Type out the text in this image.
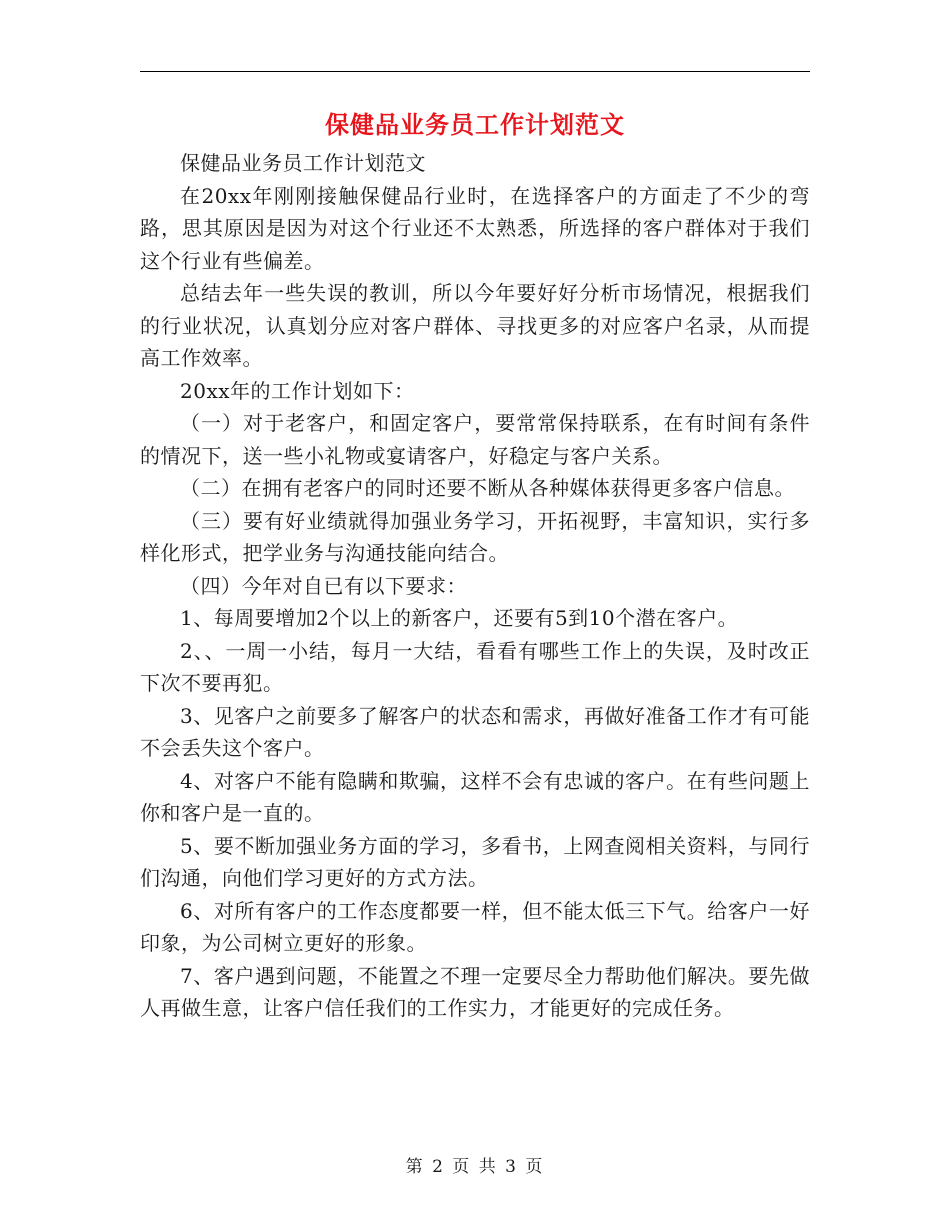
保健品业务员工作计划范文

保健品业务员工作计划范文

在20xx年刚刚接触保健品行业时，在选择客户的方面走了不少的弯路，思其原因是因为对这个行业还不太熟悉，所选择的客户群体对于我们这个行业有些偏差。

总结去年一些失误的教训，所以今年要好好分析市场情况，根据我们的行业状况，认真划分应对客户群体、寻找更多的对应客户名录，从而提高工作效率。

20xx年的工作计划如下：

（一）对于老客户，和固定客户，要常常保持联系，在有时间有条件的情况下，送一些小礼物或宴请客户，好稳定与客户关系。

（二）在拥有老客户的同时还要不断从各种媒体获得更多客户信息。

（三）要有好业绩就得加强业务学习，开拓视野，丰富知识，实行多样化形式，把学业务与沟通技能向结合。

（四）今年对自已有以下要求：

1、每周要增加2个以上的新客户，还要有5到10个潜在客户。

2、、一周一小结，每月一大结，看看有哪些工作上的失误，及时改正下次不要再犯。

3、见客户之前要多了解客户的状态和需求，再做好准备工作才有可能不会丢失这个客户。

4、对客户不能有隐瞒和欺骗，这样不会有忠诚的客户。在有些问题上你和客户是一直的。

5、要不断加强业务方面的学习，多看书，上网查阅相关资料，与同行们沟通，向他们学习更好的方式方法。

6、对所有客户的工作态度都要一样，但不能太低三下气。给客户一好印象，为公司树立更好的形象。

7、客户遇到问题，不能置之不理一定要尽全力帮助他们解决。要先做人再做生意，让客户信任我们的工作实力，才能更好的完成任务。

第 2 页 共 3 页
